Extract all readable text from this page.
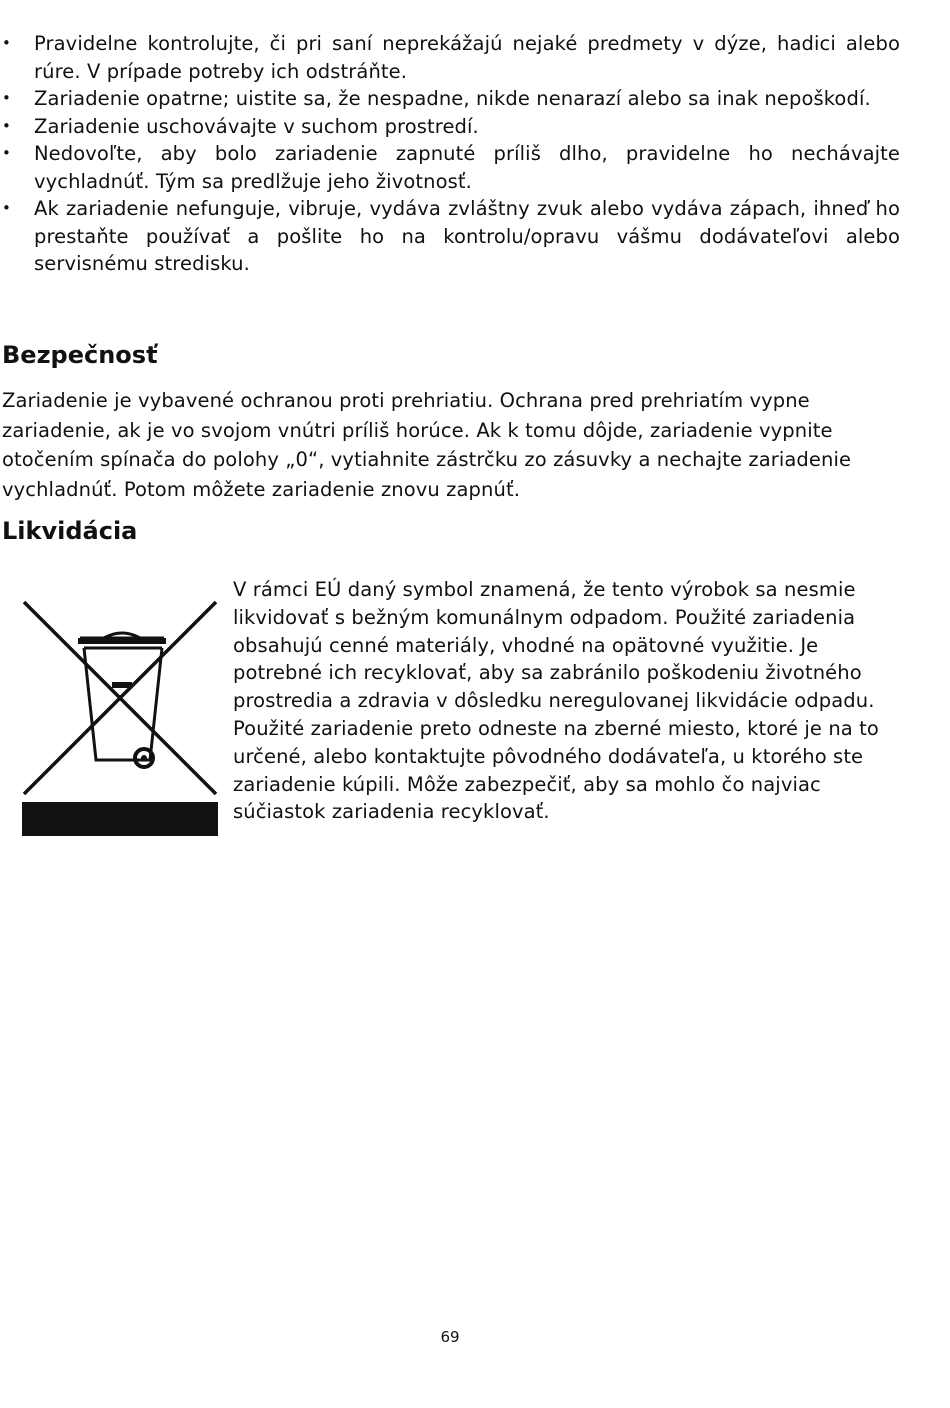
• Pravidelne kontrolujte, či pri saní neprekážajú nejaké predmety v dýze, hadici alebo rúre. V prípade potreby ich odstráňte.
• Zariadenie opatrne; uistite sa, že nespadne, nikde nenarazí alebo sa inak nepoškodí.
• Zariadenie uschovávajte v suchom prostredí.
• Nedovoľte, aby bolo zariadenie zapnuté príliš dlho, pravidelne ho nechávajte vychladnúť. Tým sa predlžuje jeho životnosť.
• Ak zariadenie nefunguje, vibruje, vydáva zvláštny zvuk alebo vydáva zápach, ihneď ho prestaňte používať a pošlite ho na kontrolu/opravu vášmu dodávateľovi alebo servisnému stredisku.
Bezpečnosť

Zariadenie je vybavené ochranou proti prehriatiu. Ochrana pred prehriatím vypne zariadenie, ak je vo svojom vnútri príliš horúce. Ak k tomu dôjde, zariadenie vypnite otočením spínača do polohy „0“, vytiahnite zástrčku zo zásuvky a nechajte zariadenie vychladnúť. Potom môžete zariadenie znovu zapnúť.

Likvidácia

V rámci EÚ daný symbol znamená, že tento výrobok sa nesmie likvidovať s bežným komunálnym odpadom. Použité zariadenia obsahujú cenné materiály, vhodné na opätovné využitie. Je potrebné ich recyklovať, aby sa zabránilo poškodeniu životného prostredia a zdravia v dôsledku neregulovanej likvidácie odpadu. Použité zariadenie preto odneste na zberné miesto, ktoré je na to určené, alebo kontaktujte pôvodného dodávateľa, u ktorého ste zariadenie kúpili. Môže zabezpečiť, aby sa mohlo čo najviac súčiastok zariadenia recyklovať.

69
